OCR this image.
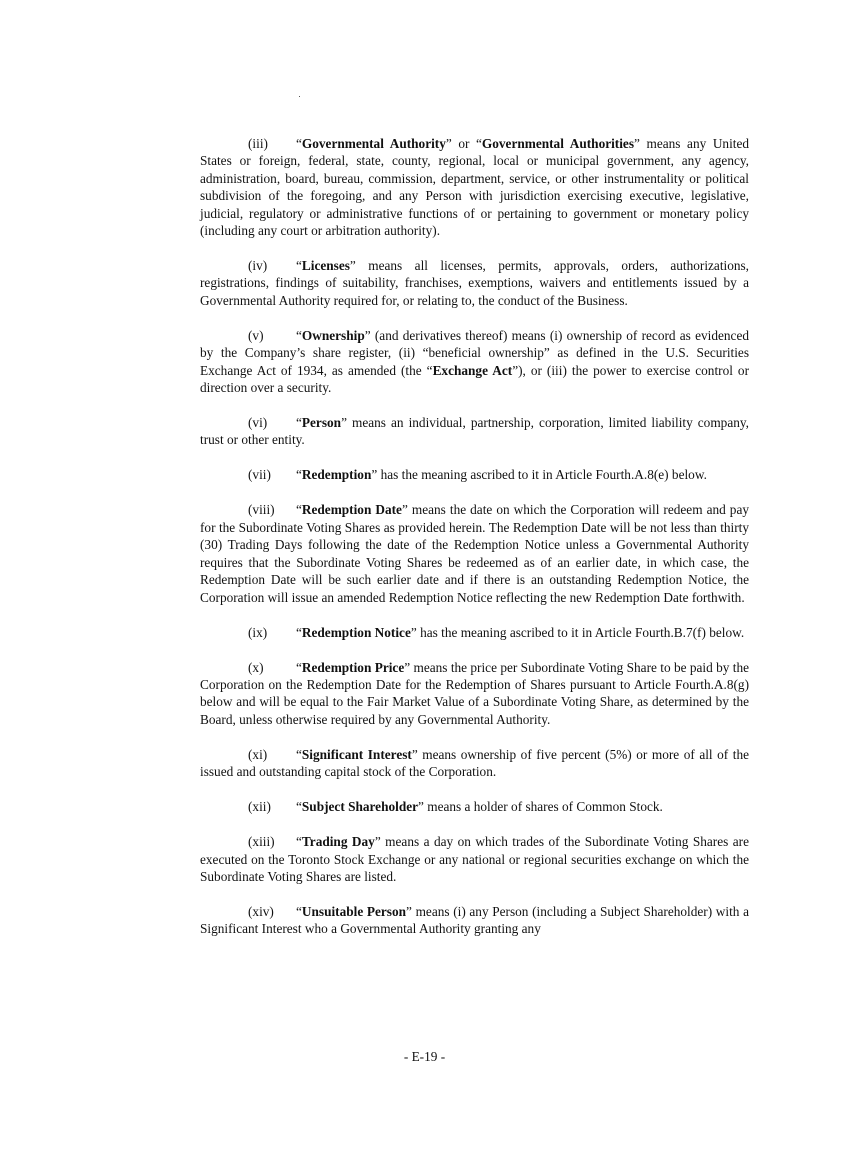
(iii) “Governmental Authority” or “Governmental Authorities” means any United States or foreign, federal, state, county, regional, local or municipal government, any agency, administration, board, bureau, commission, department, service, or other instrumentality or political subdivision of the foregoing, and any Person with jurisdiction exercising executive, legislative, judicial, regulatory or administrative functions of or pertaining to government or monetary policy (including any court or arbitration authority).

(iv) “Licenses” means all licenses, permits, approvals, orders, authorizations, registrations, findings of suitability, franchises, exemptions, waivers and entitlements issued by a Governmental Authority required for, or relating to, the conduct of the Business.

(v) “Ownership” (and derivatives thereof) means (i) ownership of record as evidenced by the Company’s share register, (ii) “beneficial ownership” as defined in the U.S. Securities Exchange Act of 1934, as amended (the “Exchange Act”), or (iii) the power to exercise control or direction over a security.

(vi) “Person” means an individual, partnership, corporation, limited liability company, trust or other entity.

(vii) “Redemption” has the meaning ascribed to it in Article Fourth.A.8(e) below.

(viii) “Redemption Date” means the date on which the Corporation will redeem and pay for the Subordinate Voting Shares as provided herein. The Redemption Date will be not less than thirty (30) Trading Days following the date of the Redemption Notice unless a Governmental Authority requires that the Subordinate Voting Shares be redeemed as of an earlier date, in which case, the Redemption Date will be such earlier date and if there is an outstanding Redemption Notice, the Corporation will issue an amended Redemption Notice reflecting the new Redemption Date forthwith.

(ix) “Redemption Notice” has the meaning ascribed to it in Article Fourth.B.7(f) below.

(x) “Redemption Price” means the price per Subordinate Voting Share to be paid by the Corporation on the Redemption Date for the Redemption of Shares pursuant to Article Fourth.A.8(g) below and will be equal to the Fair Market Value of a Subordinate Voting Share, as determined by the Board, unless otherwise required by any Governmental Authority.

(xi) “Significant Interest” means ownership of five percent (5%) or more of all of the issued and outstanding capital stock of the Corporation.

(xii) “Subject Shareholder” means a holder of shares of Common Stock.

(xiii) “Trading Day” means a day on which trades of the Subordinate Voting Shares are executed on the Toronto Stock Exchange or any national or regional securities exchange on which the Subordinate Voting Shares are listed.

(xiv) “Unsuitable Person” means (i) any Person (including a Subject Shareholder) with a Significant Interest who a Governmental Authority granting any

- E-19 -
